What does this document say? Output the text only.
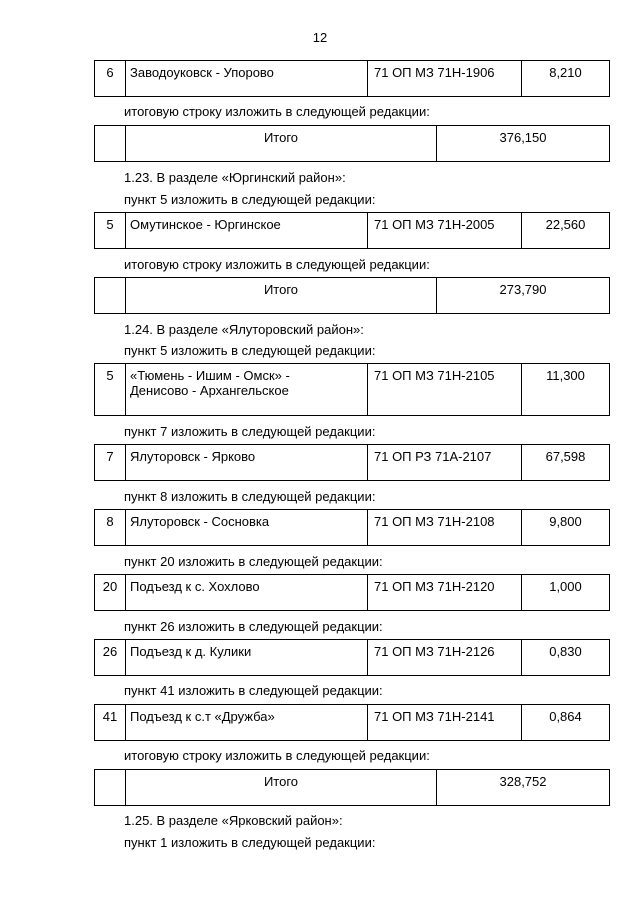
12
6	Заводоуковск - Упорово	71 ОП МЗ 71Н-1906	8,210
итоговую строку изложить в следующей редакции:
	Итого	376,150
1.23. В разделе «Юргинский район»:
пункт 5 изложить в следующей редакции:
5	Омутинское - Юргинское	71 ОП МЗ 71Н-2005	22,560
итоговую строку изложить в следующей редакции:
	Итого	273,790
1.24. В разделе «Ялуторовский район»:
пункт 5 изложить в следующей редакции:
5	«Тюмень - Ишим - Омск» -
Денисово - Архангельское	71 ОП МЗ 71Н-2105	11,300
пункт 7 изложить в следующей редакции:
7	Ялуторовск - Ярково	71 ОП РЗ 71А-2107	67,598
пункт 8 изложить в следующей редакции:
8	Ялуторовск - Сосновка	71 ОП МЗ 71Н-2108	9,800
пункт 20 изложить в следующей редакции:
20	Подъезд к с. Хохлово	71 ОП МЗ 71Н-2120	1,000
пункт 26 изложить в следующей редакции:
26	Подъезд к д. Кулики	71 ОП МЗ 71Н-2126	0,830
пункт 41 изложить в следующей редакции:
41	Подъезд к с.т «Дружба»	71 ОП МЗ 71Н-2141	0,864
итоговую строку изложить в следующей редакции:
	Итого	328,752
1.25. В разделе «Ярковский район»:
пункт 1 изложить в следующей редакции:
